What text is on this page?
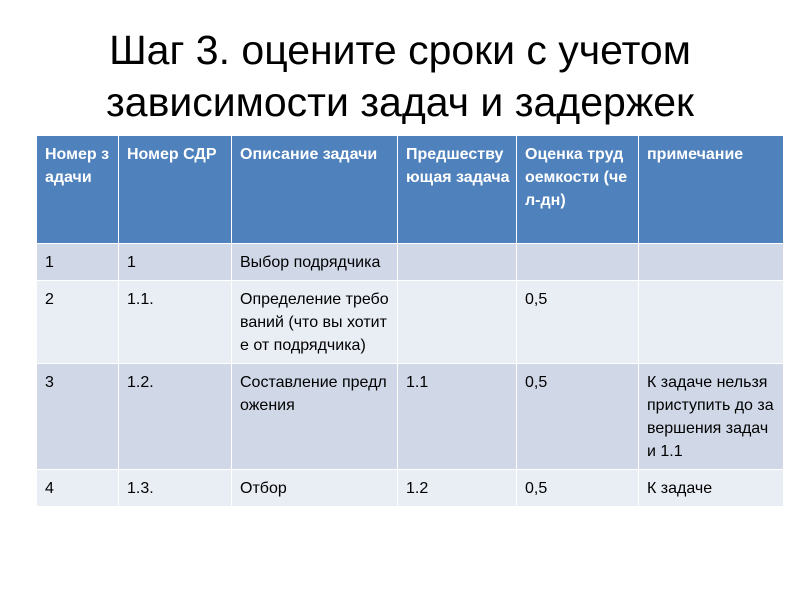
Шаг 3. оцените сроки с учетом
зависимости задач и задержек
Номер задачи	Номер СДР	Описание задачи	Предшествующая задача	Оценка трудоемкости (чел-дн)	примечание
1	1	Выбор подрядчика			
2	1.1.	Определение требований (что вы хотите от подрядчика)		0,5	
3	1.2.	Составление предложения	1.1	0,5	К задаче нельзя приступить до завершения задачи 1.1
4	1.3.	Отбор	1.2	0,5	К задаче
